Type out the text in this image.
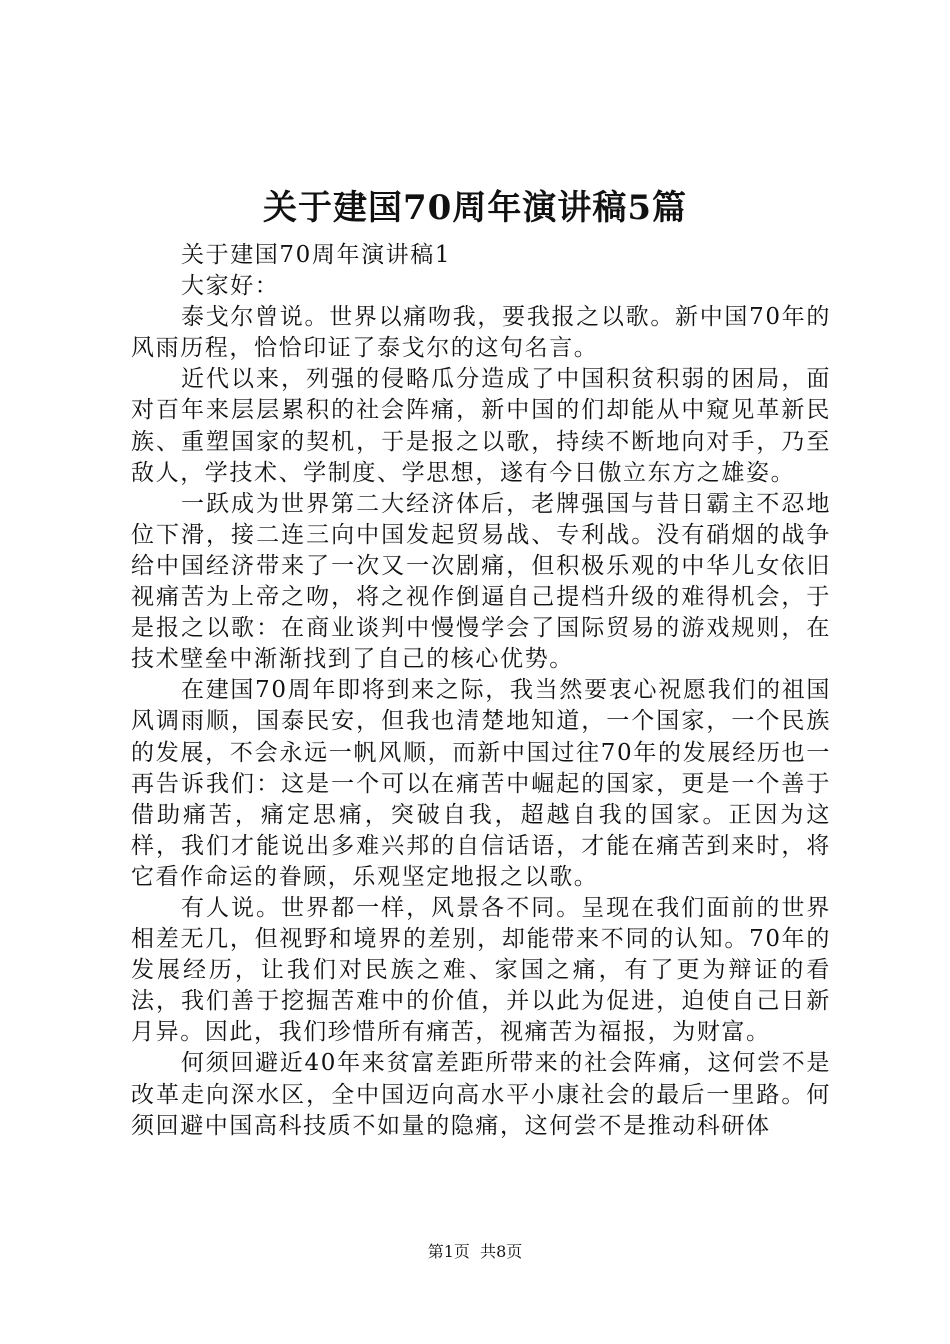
关于建国70周年演讲稿5篇

关于建国70周年演讲稿1

大家好：

泰戈尔曾说。世界以痛吻我，要我报之以歌。新中国70年的风雨历程，恰恰印证了泰戈尔的这句名言。

近代以来，列强的侵略瓜分造成了中国积贫积弱的困局，面对百年来层层累积的社会阵痛，新中国的们却能从中窥见革新民族、重塑国家的契机，于是报之以歌，持续不断地向对手，乃至敌人，学技术、学制度、学思想，遂有今日傲立东方之雄姿。

一跃成为世界第二大经济体后，老牌强国与昔日霸主不忍地位下滑，接二连三向中国发起贸易战、专利战。没有硝烟的战争给中国经济带来了一次又一次剧痛，但积极乐观的中华儿女依旧视痛苦为上帝之吻，将之视作倒逼自己提档升级的难得机会，于是报之以歌：在商业谈判中慢慢学会了国际贸易的游戏规则，在技术壁垒中渐渐找到了自己的核心优势。

在建国70周年即将到来之际，我当然要衷心祝愿我们的祖国风调雨顺，国泰民安，但我也清楚地知道，一个国家，一个民族的发展，不会永远一帆风顺，而新中国过往70年的发展经历也一再告诉我们：这是一个可以在痛苦中崛起的国家，更是一个善于借助痛苦，痛定思痛，突破自我，超越自我的国家。正因为这样，我们才能说出多难兴邦的自信话语，才能在痛苦到来时，将它看作命运的眷顾，乐观坚定地报之以歌。

有人说。世界都一样，风景各不同。呈现在我们面前的世界相差无几，但视野和境界的差别，却能带来不同的认知。70年的发展经历，让我们对民族之难、家国之痛，有了更为辩证的看法，我们善于挖掘苦难中的价值，并以此为促进，迫使自己日新月异。因此，我们珍惜所有痛苦，视痛苦为福报，为财富。

何须回避近40年来贫富差距所带来的社会阵痛，这何尝不是改革走向深水区，全中国迈向高水平小康社会的最后一里路。何须回避中国高科技质不如量的隐痛，这何尝不是推动科研体

第1页 共8页
